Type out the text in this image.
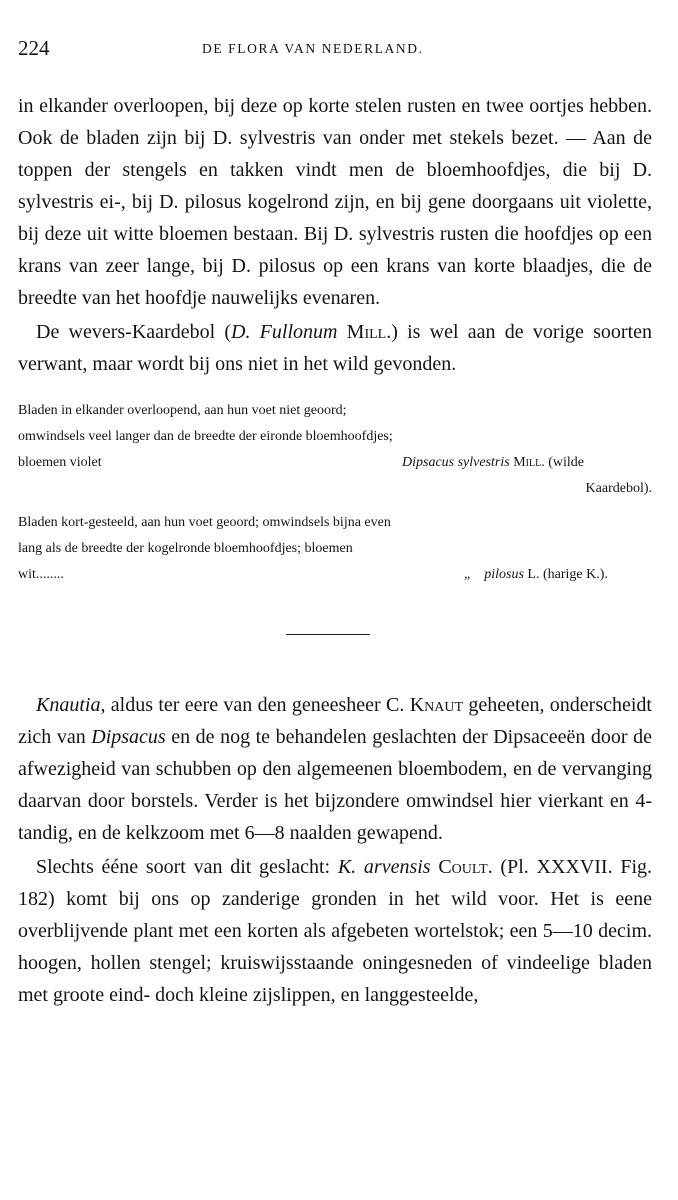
224	DE FLORA VAN NEDERLAND.

in elkander overloopen, bij deze op korte stelen rusten en twee oortjes hebben. Ook de bladen zijn bij D. sylvestris van onder met stekels bezet. — Aan de toppen der stengels en takken vindt men de bloemhoofdjes, die bij D. sylvestris ei-, bij D. pilosus kogelrond zijn, en bij gene doorgaans uit violette, bij deze uit witte bloemen bestaan. Bij D. sylvestris rusten die hoofdjes op een krans van zeer lange, bij D. pilosus op een krans van korte blaadjes, die de breedte van het hoofdje nauwelijks evenaren.

De wevers-Kaardebol (D. Fullonum Mill.) is wel aan de vorige soorten verwant, maar wordt bij ons niet in het wild gevonden.

Bladen in elkander overloopend, aan hun voet niet geoord; omwindsels veel langer dan de breedte der eironde bloemhoofdjes; bloemen violet	Dipsacus sylvestris Mill. (wilde
Kaardebol).
Bladen kort-gesteeld, aan hun voet geoord; omwindsels bijna even lang als de breedte der kogelronde bloemhoofdjes; bloemen wit........	„ pilosus L. (harige K.).

Knautia, aldus ter eere van den geneesheer C. Knaut geheeten, onderscheidt zich van Dipsacus en de nog te behandelen geslachten der Dipsaceeën door de afwezigheid van schubben op den algemeenen bloembodem, en de vervanging daarvan door borstels. Verder is het bijzondere omwindsel hier vierkant en 4-tandig, en de kelkzoom met 6—8 naalden gewapend.

Slechts ééne soort van dit geslacht: K. arvensis Coult. (Pl. XXXVII. Fig. 182) komt bij ons op zanderige gronden in het wild voor. Het is eene overblijvende plant met een korten als afgebeten wortelstok; een 5—10 decim. hoogen, hollen stengel; kruiswijsstaande oningesneden of vindeelige bladen met groote eind- doch kleine zijslippen, en langgesteelde,
